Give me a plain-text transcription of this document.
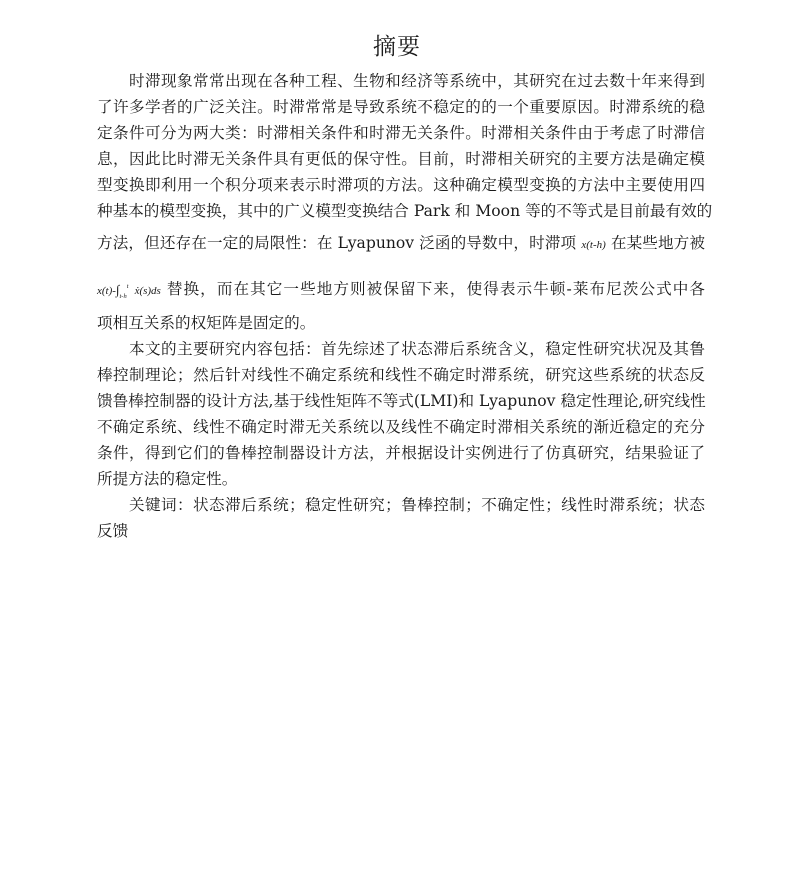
摘要
时滞现象常常出现在各种工程、生物和经济等系统中，其研究在过去数十年来得到
了许多学者的广泛关注。时滞常常是导致系统不稳定的的一个重要原因。时滞系统的稳
定条件可分为两大类：时滞相关条件和时滞无关条件。时滞相关条件由于考虑了时滞信
息，因此比时滞无关条件具有更低的保守性。目前，时滞相关研究的主要方法是确定模
型变换即利用一个积分项来表示时滞项的方法。这种确定模型变换的方法中主要使用四
种基本的模型变换，其中的广义模型变换结合 Park 和 Moon 等的不等式是目前最有效的
方法，但还存在一定的局限性：在 Lyapunov 泛函的导数中，时滞项 x(t-h) 在某些地方被
$x(t)-\int_{t-h}^t$ ẋ(s)ds 替换，而在其它一些地方则被保留下来，使得表示牛顿-莱布尼茨公式中各
项相互关系的权矩阵是固定的。
本文的主要研究内容包括：首先综述了状态滞后系统含义，稳定性研究状况及其鲁
棒控制理论；然后针对线性不确定系统和线性不确定时滞系统，研究这些系统的状态反
馈鲁棒控制器的设计方法,基于线性矩阵不等式(LMI)和 Lyapunov 稳定性理论,研究线性
不确定系统、线性不确定时滞无关系统以及线性不确定时滞相关系统的渐近稳定的充分
条件，得到它们的鲁棒控制器设计方法，并根据设计实例进行了仿真研究，结果验证了
所提方法的稳定性。
关键词：状态滞后系统；稳定性研究；鲁棒控制；不确定性；线性时滞系统；状态
反馈
